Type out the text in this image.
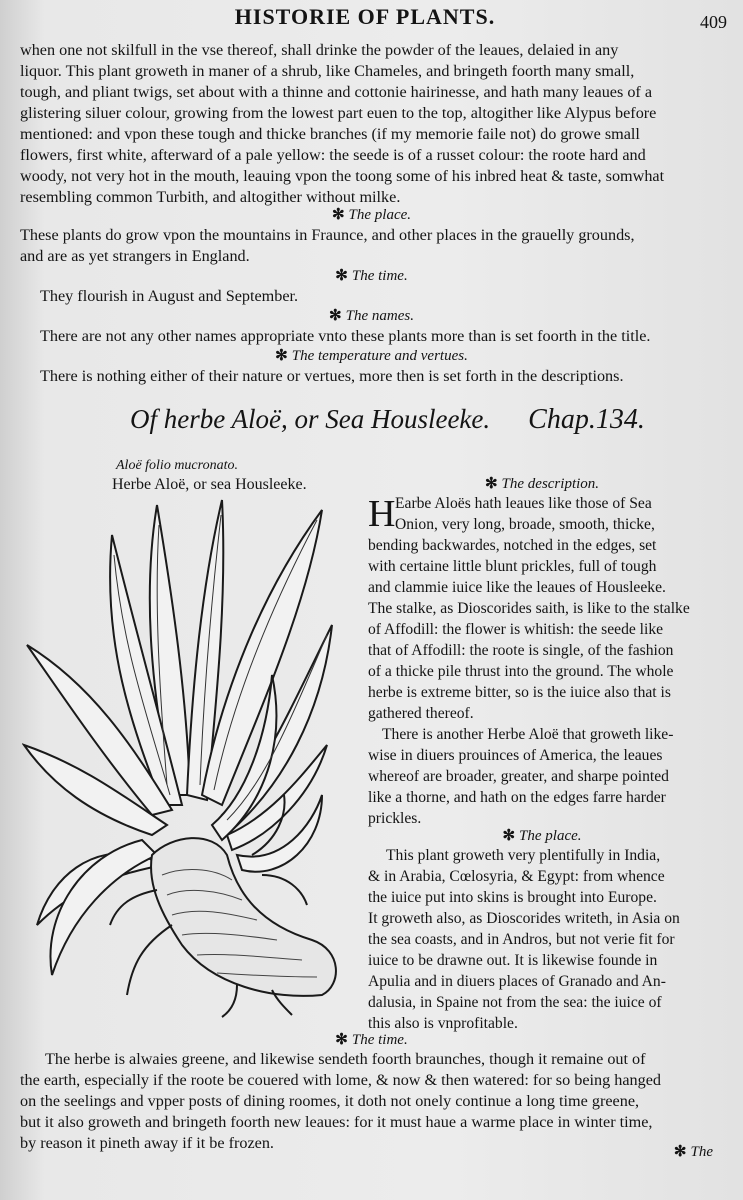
HISTORIE OF PLANTS.	409
when one not skilfull in the vse thereof, shall drinke the powder of the leaues, delaied in any
liquor. This plant groweth in maner of a shrub, like Chameles, and bringeth foorth many small,
tough, and pliant twigs, set about with a thinne and cottonie hairinesse, and hath many leaues of a
glistering siluer colour, growing from the lowest part euen to the top, altogither like Alypus before
mentioned: and vpon these tough and thicke branches (if my memorie faile not) do growe small
flowers, first white, afterward of a pale yellow: the seede is of a russet colour: the roote hard and
woody, not very hot in the mouth, leauing vpon the toong some of his inbred heat & taste, somwhat
resembling common Turbith, and altogither without milke.
✻ The place.
These plants do grow vpon the mountains in Fraunce, and other places in the grauelly grounds,
and are as yet strangers in England.
✻ The time.
They flourish in August and September.
✻ The names.
There are not any other names appropriate vnto these plants more than is set foorth in the title.
✻ The temperature and vertues.
There is nothing either of their nature or vertues, more then is set forth in the descriptions.
Of herbe Aloë, or Sea Housleeke. Chap.134.
Aloë folio mucronato.
Herbe Aloë, or sea Housleeke.	✻ The description.
H Earbe Aloës hath leaues like those of Sea
Onion, very long, broade, smooth, thicke,
bending backwardes, notched in the edges, set
with certaine little blunt prickles, full of tough
and clammie iuice like the leaues of Housleeke.
The stalke, as Dioscorides saith, is like to the stalke
of Affodill: the flower is whitish: the seede like
that of Affodill: the roote is single, of the fashion
of a thicke pile thrust into the ground. The whole
herbe is extreme bitter, so is the iuice also that is
gathered thereof.
There is another Herbe Aloë that groweth like-
wise in diuers prouinces of America, the leaues
whereof are broader, greater, and sharpe pointed
like a thorne, and hath on the edges farre harder
prickles.
✻ The place.
This plant groweth very plentifully in India,
& in Arabia, Cœlosyria, & Egypt: from whence
the iuice put into skins is brought into Europe.
It groweth also, as Dioscorides writeth, in Asia on
the sea coasts, and in Andros, but not verie fit for
iuice to be drawne out. It is likewise founde in
Apulia and in diuers places of Granado and An-
dalusia, in Spaine not from the sea: the iuice of
this also is vnprofitable.
✻ The time.
The herbe is alwaies greene, and likewise sendeth foorth braunches, though it remaine out of
the earth, especially if the roote be couered with lome, & now & then watered: for so being hanged
on the seelings and vpper posts of dining roomes, it doth not onely continue a long time greene,
but it also groweth and bringeth foorth new leaues: for it must haue a warme place in winter time,
by reason it pineth away if it be frozen.	✻ The
